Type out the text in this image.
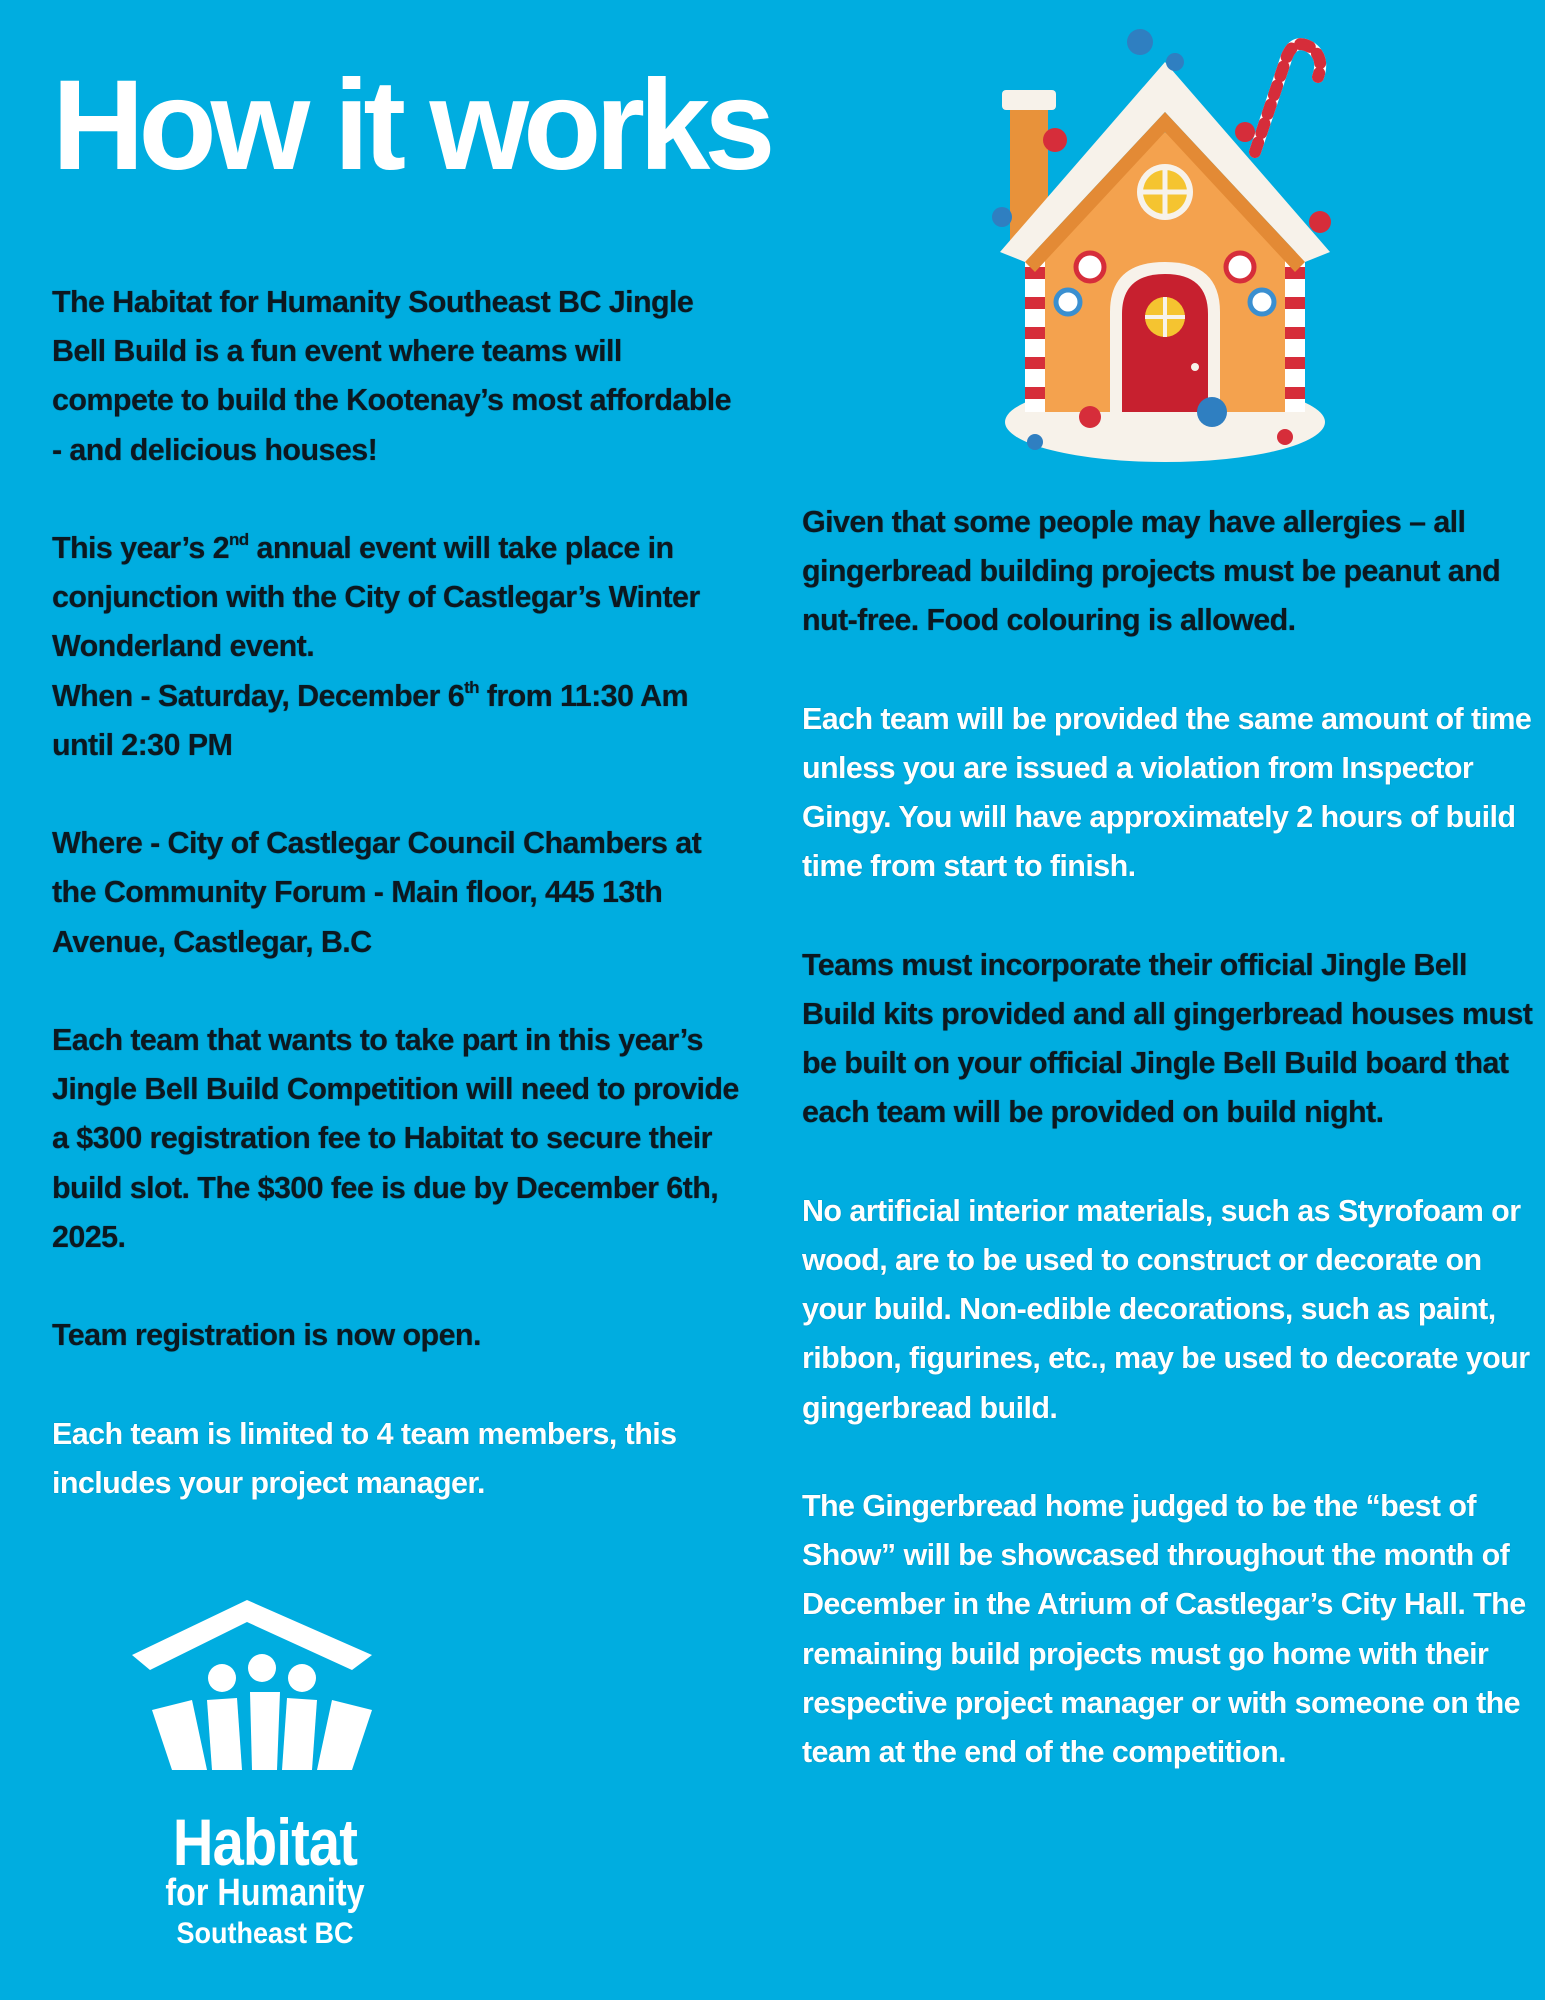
How it works

The Habitat for Humanity Southeast BC Jingle Bell Build is a fun event where teams will compete to build the Kootenay’s most affordable - and delicious houses!

This year’s 2nd annual event will take place in conjunction with the City of Castlegar’s Winter Wonderland event.

When - Saturday, December 6th from 11:30 Am until 2:30 PM

Where - City of Castlegar Council Chambers at the Community Forum - Main floor, 445 13th Avenue, Castlegar, B.C

Each team that wants to take part in this year’s Jingle Bell Build Competition will need to provide a $300 registration fee to Habitat to secure their build slot. The $300 fee is due by December 6th, 2025.

Team registration is now open.

Each team is limited to 4 team members, this includes your project manager.

Given that some people may have allergies – all gingerbread building projects must be peanut and nut-free. Food colouring is allowed.

Each team will be provided the same amount of time unless you are issued a violation from Inspector Gingy. You will have approximately 2 hours of build time from start to finish.

Teams must incorporate their official Jingle Bell Build kits provided and all gingerbread houses must be built on your official Jingle Bell Build board that each team will be provided on build night.

No artificial interior materials, such as Styrofoam or wood, are to be used to construct or decorate on your build. Non-edible decorations, such as paint, ribbon, figurines, etc., may be used to decorate your gingerbread build.

The Gingerbread home judged to be the “best of Show” will be showcased throughout the month of December in the Atrium of Castlegar’s City Hall. The remaining build projects must go home with their respective project manager or with someone on the team at the end of the competition.

Habitat
for Humanity
Southeast BC
